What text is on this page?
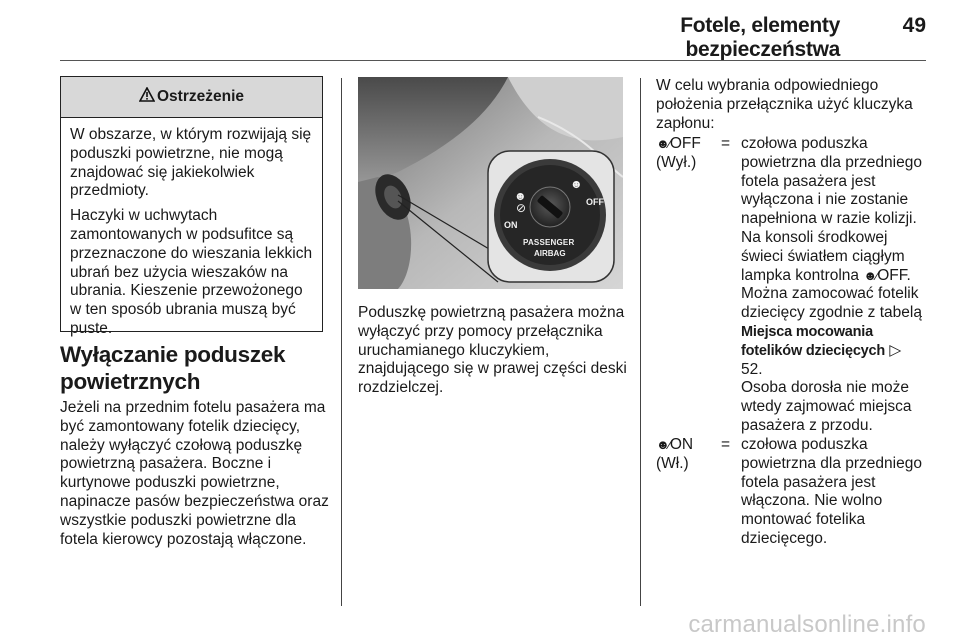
Fotele, elementy bezpieczeństwa
49
Ostrzeżenie

W obszarze, w którym rozwijają się poduszki powietrzne, nie mogą znajdować się jakiekolwiek przedmioty.

Haczyki w uchwytach zamontowanych w podsufitce są przeznaczone do wieszania lekkich ubrań bez użycia wieszaków na ubrania. Kieszenie przewożonego w ten sposób ubrania muszą być puste.

Wyłączanie poduszek powietrznych

Jeżeli na przednim fotelu pasażera ma być zamontowany fotelik dziecięcy, należy wyłączyć czołową poduszkę powietrzną pasażera. Boczne i kurtynowe poduszki powietrzne, napinacze pasów bezpieczeństwa oraz wszystkie poduszki powietrzne dla fotela kierowcy pozostają włączone.

ON
OFF
PASSENGER
AIRBAG
☻
☻
⊘

Poduszkę powietrzną pasażera można wyłączyć przy pomocy przełącznika uruchamianego kluczykiem, znajdującego się w prawej części deski rozdzielczej.

W celu wybrania odpowiedniego położenia przełącznika użyć kluczyka zapłonu:

☻⁄OFF
(Wył.)
= czołowa poduszka powietrzna dla przedniego fotela pasażera jest wyłączona i nie zostanie napełniona w razie kolizji. Na konsoli środkowej świeci światłem ciągłym lampka kontrolna ☻⁄OFF. Można zamocować fotelik dziecięcy zgodnie z tabelą Miejsca mocowania fotelików dziecięcych ▷ 52.
Osoba dorosła nie może wtedy zajmować miejsca pasażera z przodu.

☻⁄ON
(Wł.)
= czołowa poduszka powietrzna dla przedniego fotela pasażera jest włączona. Nie wolno montować fotelika dziecięcego.

carmanualsonline.info
